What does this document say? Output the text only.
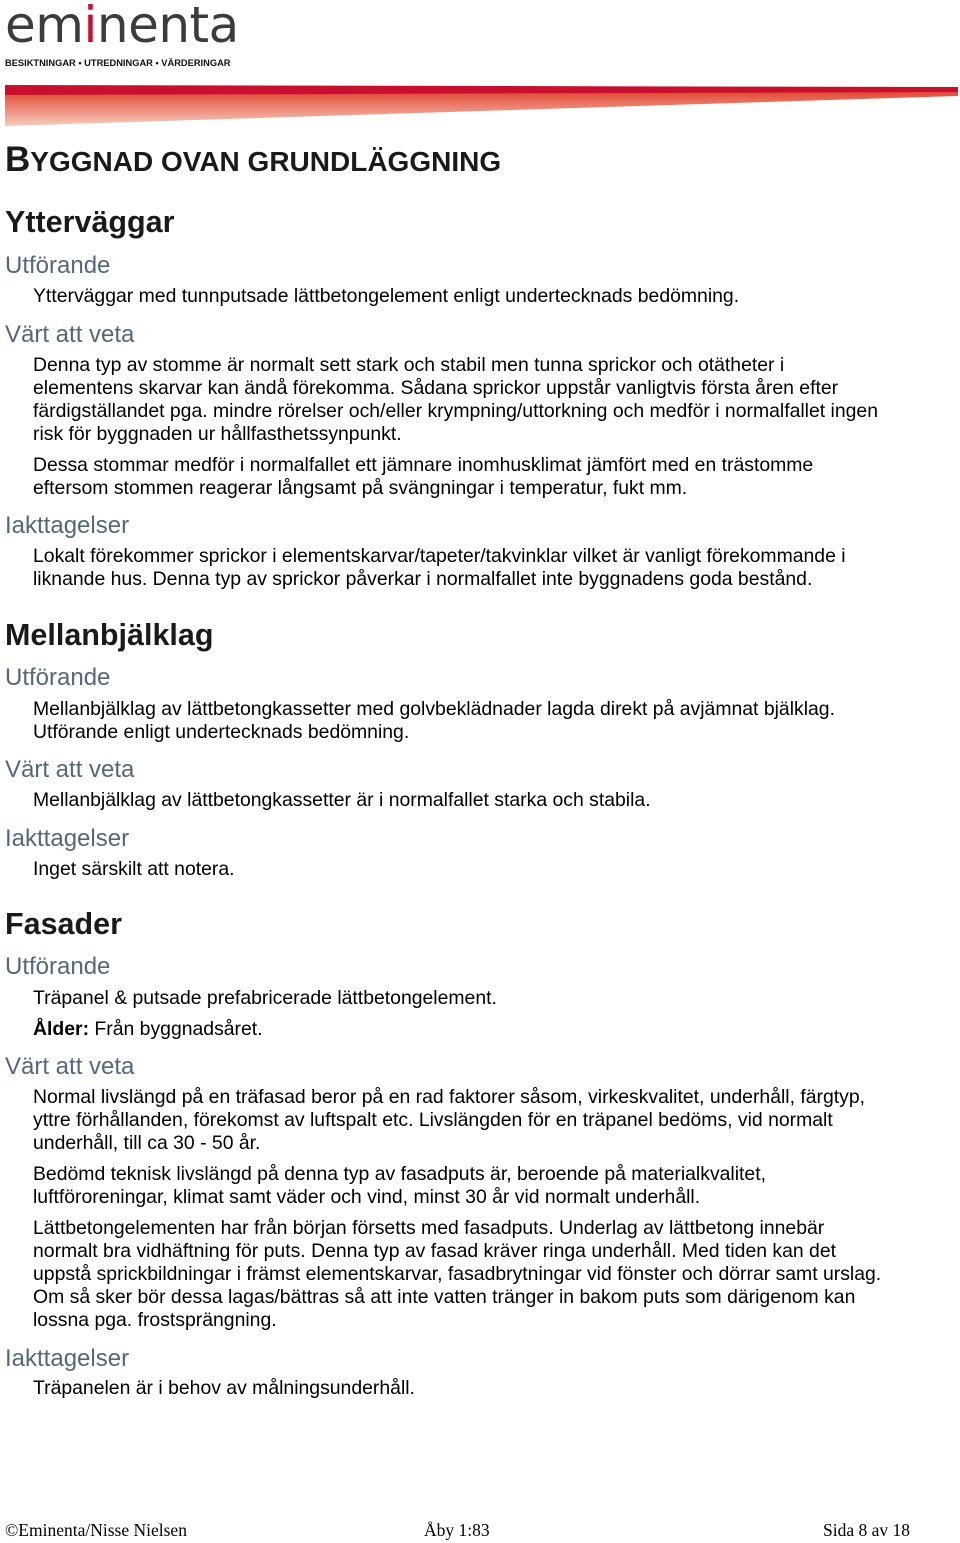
eminenta
BESIKTNINGAR • UTREDNINGAR • VÄRDERINGAR
BYGGNAD OVAN GRUNDLÄGGNING
Ytterväggar
Utförande
Ytterväggar med tunnputsade lättbetongelement enligt undertecknads bedömning.
Värt att veta
Denna typ av stomme är normalt sett stark och stabil men tunna sprickor och otätheter i
elementens skarvar kan ändå förekomma. Sådana sprickor uppstår vanligtvis första åren efter
färdigställandet pga. mindre rörelser och/eller krympning/uttorkning och medför i normalfallet ingen
risk för byggnaden ur hållfasthetssynpunkt.
Dessa stommar medför i normalfallet ett jämnare inomhusklimat jämfört med en trästomme
eftersom stommen reagerar långsamt på svängningar i temperatur, fukt mm.
Iakttagelser
Lokalt förekommer sprickor i elementskarvar/tapeter/takvinklar vilket är vanligt förekommande i
liknande hus. Denna typ av sprickor påverkar i normalfallet inte byggnadens goda bestånd.
Mellanbjälklag
Utförande
Mellanbjälklag av lättbetongkassetter med golvbeklädnader lagda direkt på avjämnat bjälklag.
Utförande enligt undertecknads bedömning.
Värt att veta
Mellanbjälklag av lättbetongkassetter är i normalfallet starka och stabila.
Iakttagelser
Inget särskilt att notera.
Fasader
Utförande
Träpanel & putsade prefabricerade lättbetongelement.
Ålder: Från byggnadsåret.
Värt att veta
Normal livslängd på en träfasad beror på en rad faktorer såsom, virkeskvalitet, underhåll, färgtyp,
yttre förhållanden, förekomst av luftspalt etc. Livslängden för en träpanel bedöms, vid normalt
underhåll, till ca 30 - 50 år.
Bedömd teknisk livslängd på denna typ av fasadputs är, beroende på materialkvalitet,
luftföroreningar, klimat samt väder och vind, minst 30 år vid normalt underhåll.
Lättbetongelementen har från början försetts med fasadputs. Underlag av lättbetong innebär
normalt bra vidhäftning för puts. Denna typ av fasad kräver ringa underhåll. Med tiden kan det
uppstå sprickbildningar i främst elementskarvar, fasadbrytningar vid fönster och dörrar samt urslag.
Om så sker bör dessa lagas/bättras så att inte vatten tränger in bakom puts som därigenom kan
lossna pga. frostsprängning.
Iakttagelser
Träpanelen är i behov av målningsunderhåll.
©Eminenta/Nisse Nielsen	Åby 1:83	Sida 8 av 18
